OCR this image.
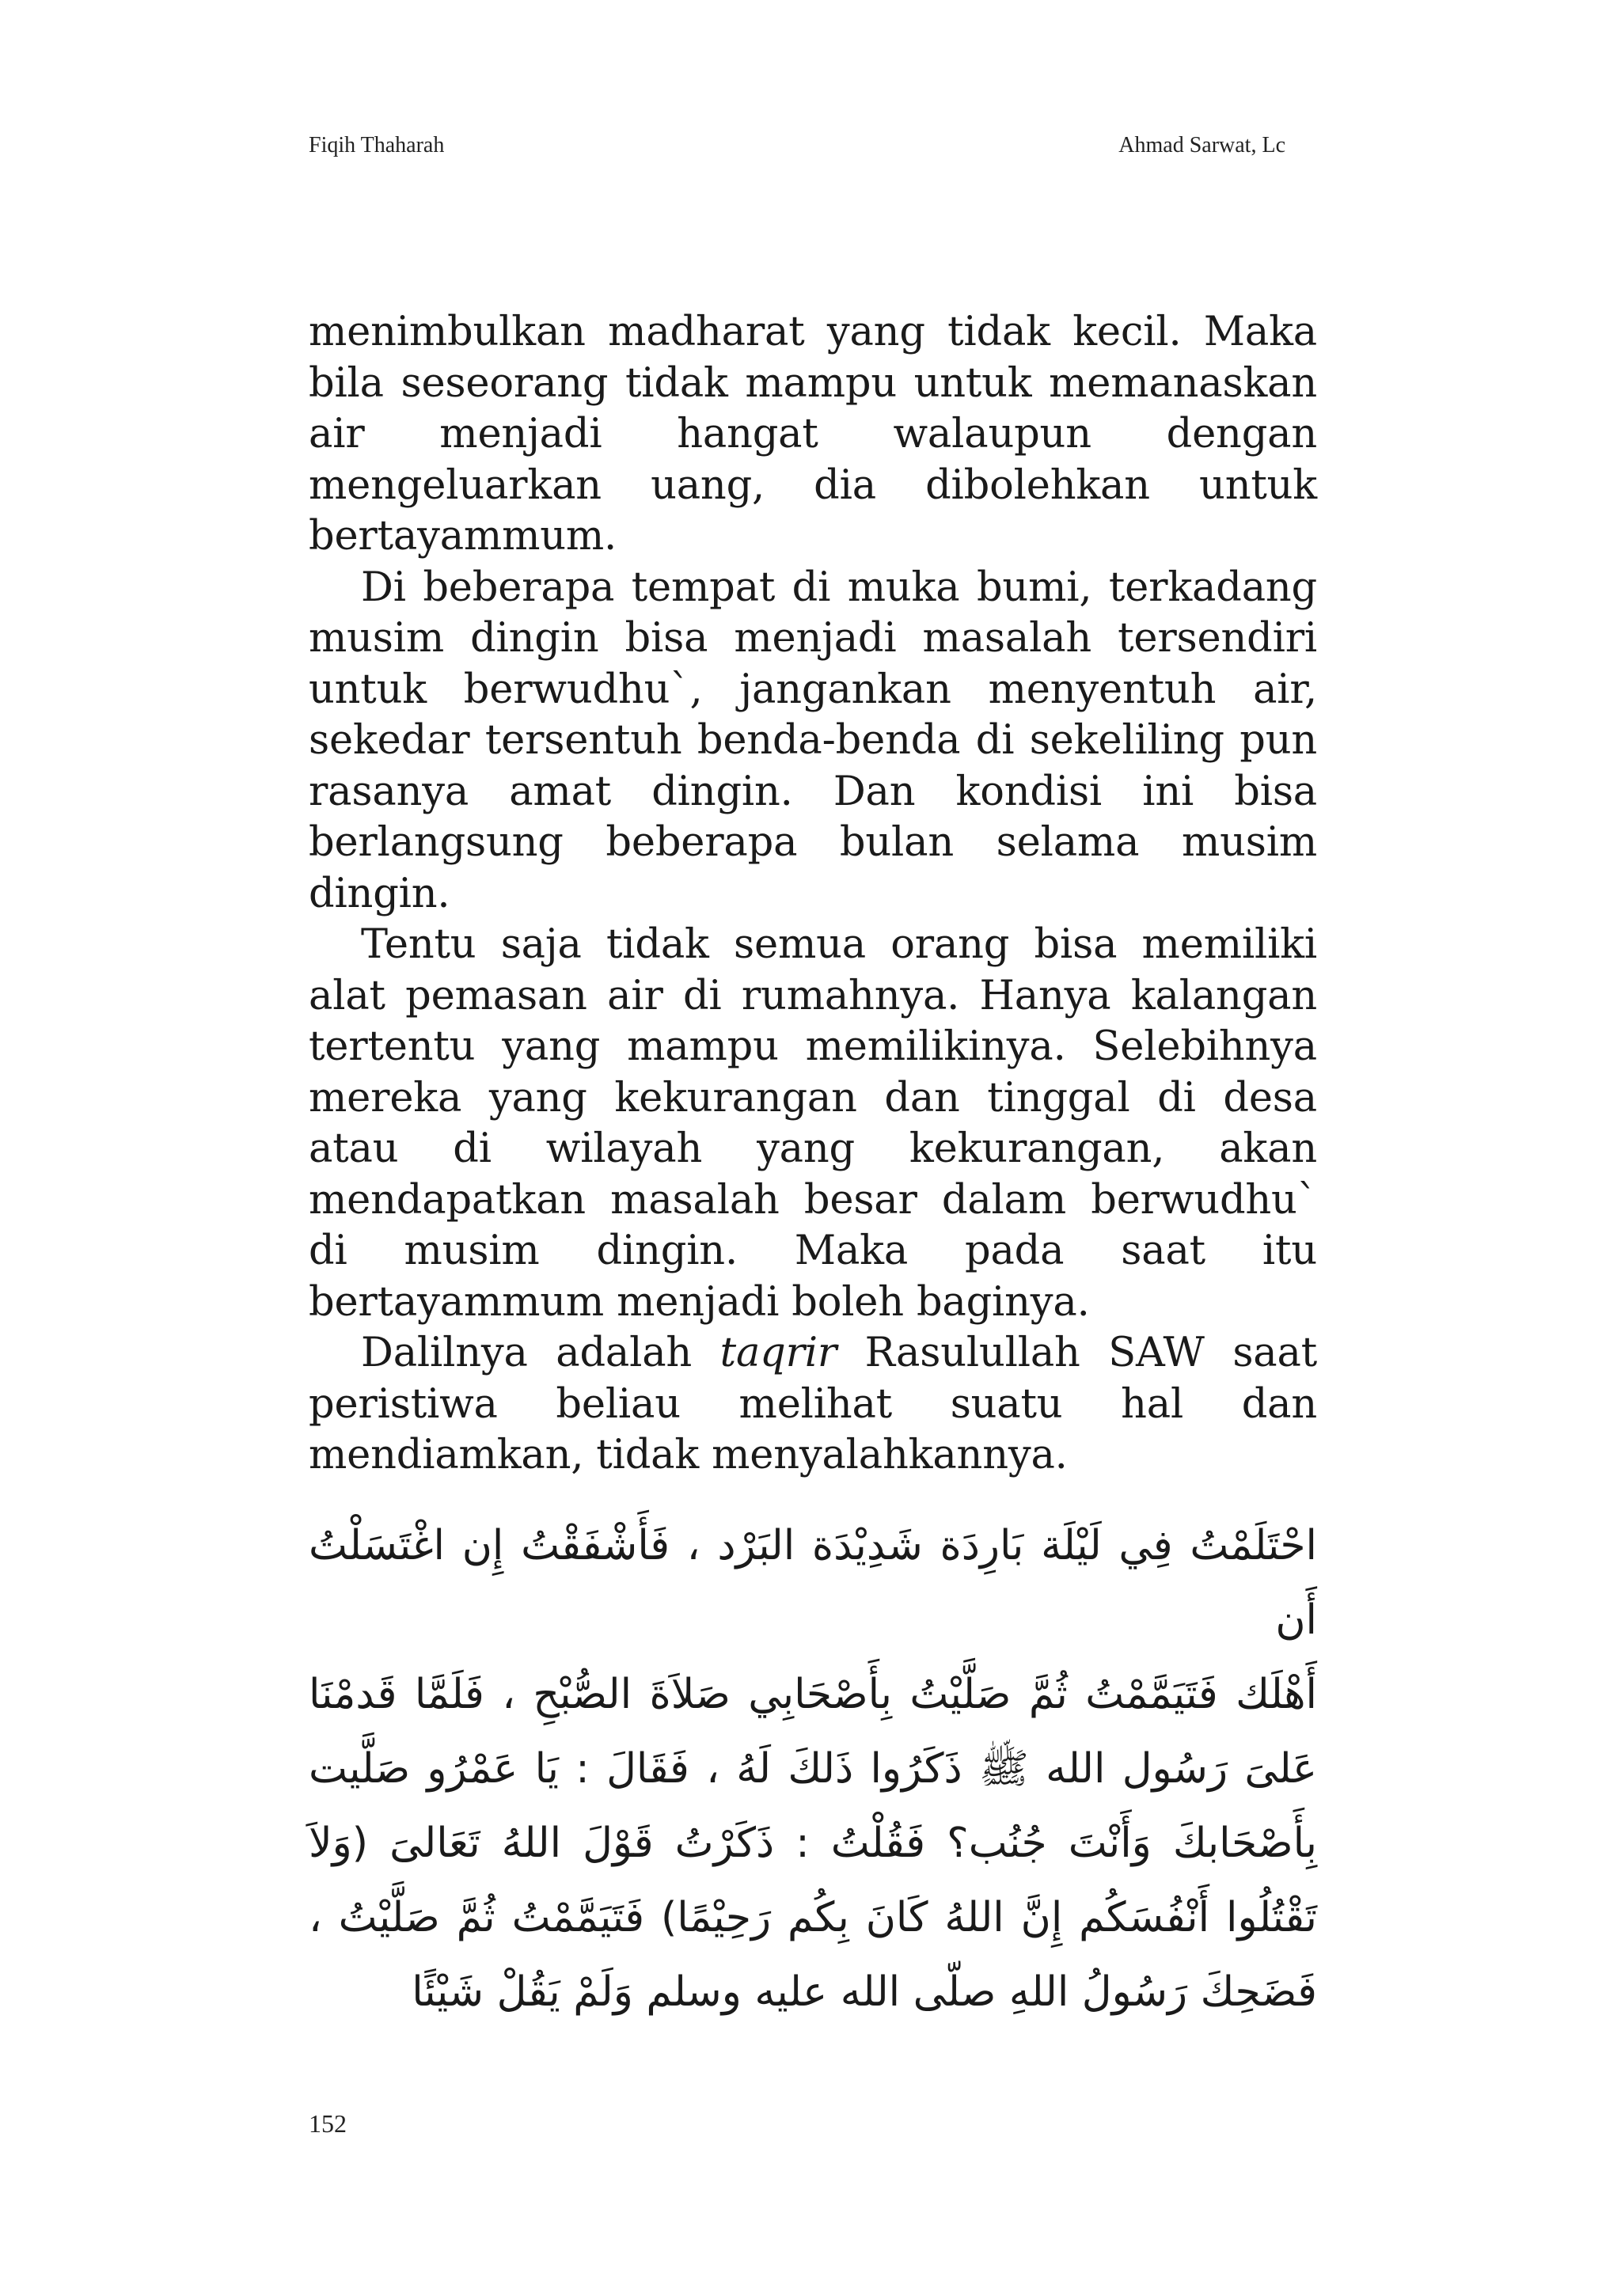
Fiqih Thaharah	Ahmad Sarwat, Lc

menimbulkan madharat yang tidak kecil. Maka bila seseorang tidak mampu untuk memanaskan air menjadi hangat walaupun dengan mengeluarkan uang, dia dibolehkan untuk bertayammum.

Di beberapa tempat di muka bumi, terkadang musim dingin bisa menjadi masalah tersendiri untuk berwudhu`, jangankan menyentuh air, sekedar tersentuh benda-benda di sekeliling pun rasanya amat dingin. Dan kondisi ini bisa berlangsung beberapa bulan selama musim dingin.

Tentu saja tidak semua orang bisa memiliki alat pemasan air di rumahnya. Hanya kalangan tertentu yang mampu memilikinya. Selebihnya mereka yang kekurangan dan tinggal di desa atau di wilayah yang kekurangan, akan mendapatkan masalah besar dalam berwudhu` di musim dingin. Maka pada saat itu bertayammum menjadi boleh baginya.

Dalilnya adalah taqrir Rasulullah SAW saat peristiwa beliau melihat suatu hal dan mendiamkan, tidak menyalahkannya.

احْتَلَمْتُ فِي لَيْلَة بَارِدَة شَدِيْدَة البَرْد ، فَأَشْفَقْتُ إِن اغْتَسَلْتُ أَن
أَهْلَك فَتَيَمَّمْتُ ثُمَّ صَلَّيْتُ بِأَصْحَابِي صَلاَةَ الصُّبْحِ ، فَلَمَّا قَدمْنَا
عَلىَ رَسُول الله ﷺ ذَكَرُوا ذَلكَ لَهُ ، فَقَالَ : يَا عَمْرُو صَلَّيت
بِأَصْحَابكَ وَأَنْتَ جُنُب؟ فَقُلْتُ : ذَكَرْتُ قَوْلَ اللهُ تَعَالىَ (وَلاَ
تَقْتُلُوا أَنْفُسَكُم إِنَّ اللهُ كَانَ بِكُم رَحِيْمًا) فَتَيَمَّمْتُ ثُمَّ صَلَّيْتُ ،
فَضَحِكَ رَسُولُ اللهِ صلّى الله عليه وسلم وَلَمْ يَقُلْ شَيْئًا
152
